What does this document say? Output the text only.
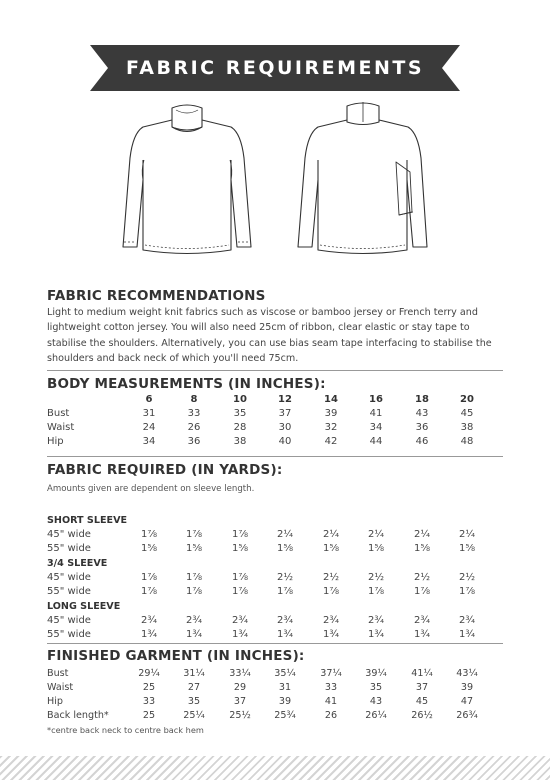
FABRIC REQUIREMENTS
FABRIC RECOMMENDATIONS
Light to medium weight knit fabrics such as viscose or bamboo jersey or French terry and lightweight cotton jersey. You will also need 25cm of ribbon, clear elastic or stay tape to stabilise the shoulders. Alternatively, you can use bias seam tape interfacing to stabilise the shoulders and back neck of which you'll need 75cm.
BODY MEASUREMENTS (IN INCHES):
6	8	10	12	14	16	18	20
Bust	31	33	35	37	39	41	43	45
Waist	24	26	28	30	32	34	36	38
Hip	34	36	38	40	42	44	46	48
FABRIC REQUIRED (IN YARDS):
Amounts given are dependent on sleeve length.
SHORT SLEEVE
45" wide	1⅞	1⅞	1⅞	2¼	2¼	2¼	2¼	2¼
55" wide	1⅝	1⅝	1⅝	1⅝	1⅝	1⅝	1⅝	1⅝
3/4 SLEEVE
45" wide	1⅞	1⅞	1⅞	2½	2½	2½	2½	2½
55" wide	1⅞	1⅞	1⅞	1⅞	1⅞	1⅞	1⅞	1⅞
LONG SLEEVE
45" wide	2¾	2¾	2¾	2¾	2¾	2¾	2¾	2¾
55" wide	1¾	1¾	1¾	1¾	1¾	1¾	1¾	1¾
FINISHED GARMENT (IN INCHES):
Bust	29¼	31¼	33¼	35¼	37¼	39¼	41¼	43¼
Waist	25	27	29	31	33	35	37	39
Hip	33	35	37	39	41	43	45	47
Back length*	25	25¼	25½	25¾	26	26¼	26½	26¾
*centre back neck to centre back hem
